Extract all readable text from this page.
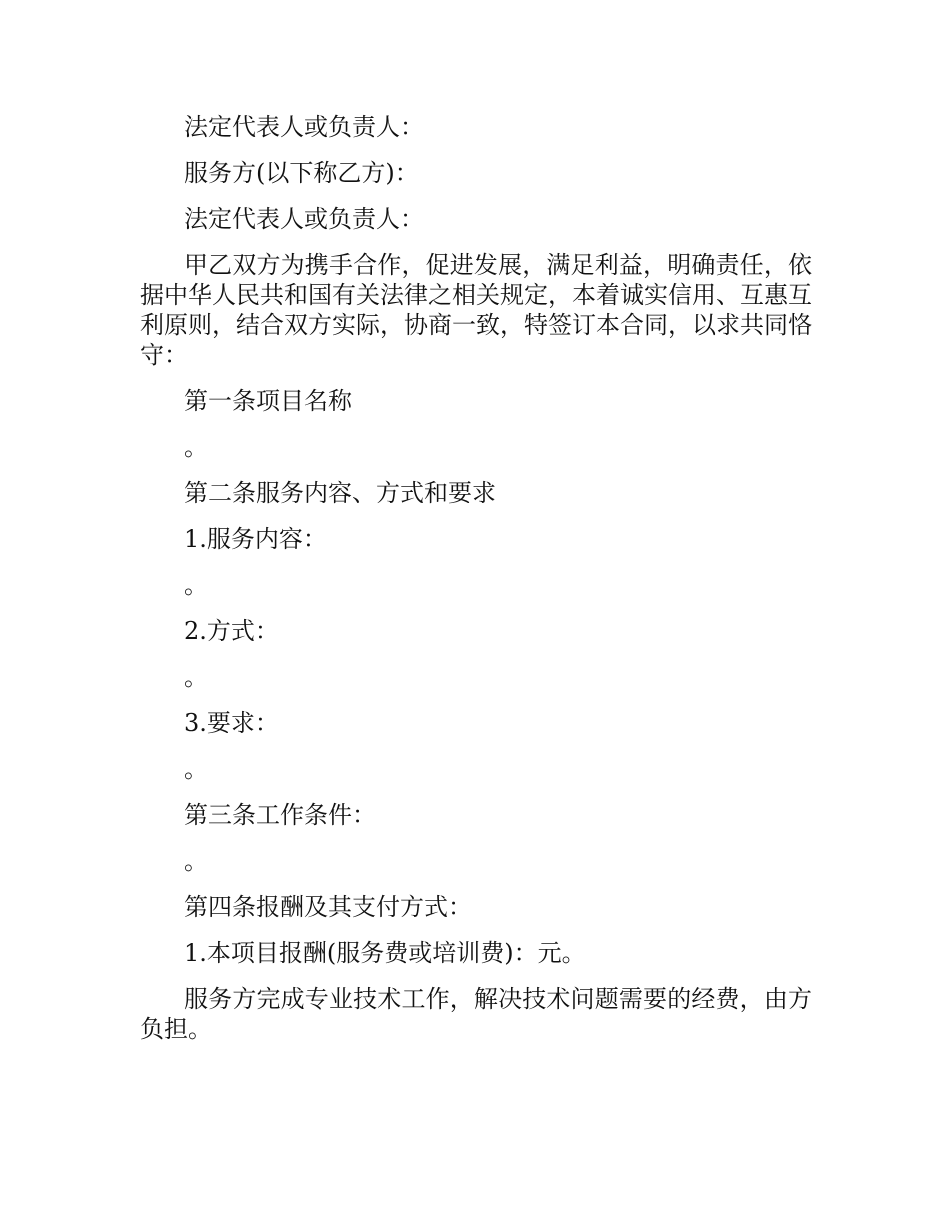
法定代表人或负责人：

服务方(以下称乙方)：

法定代表人或负责人：

甲乙双方为携手合作，促进发展，满足利益，明确责任，依据中华人民共和国有关法律之相关规定，本着诚实信用、互惠互利原则，结合双方实际，协商一致，特签订本合同，以求共同恪守：

第一条项目名称

。

第二条服务内容、方式和要求

1.服务内容：

。

2.方式：

。

3.要求：

。

第三条工作条件：

。

第四条报酬及其支付方式：

1.本项目报酬(服务费或培训费)：元。

服务方完成专业技术工作，解决技术问题需要的经费，由方负担。
